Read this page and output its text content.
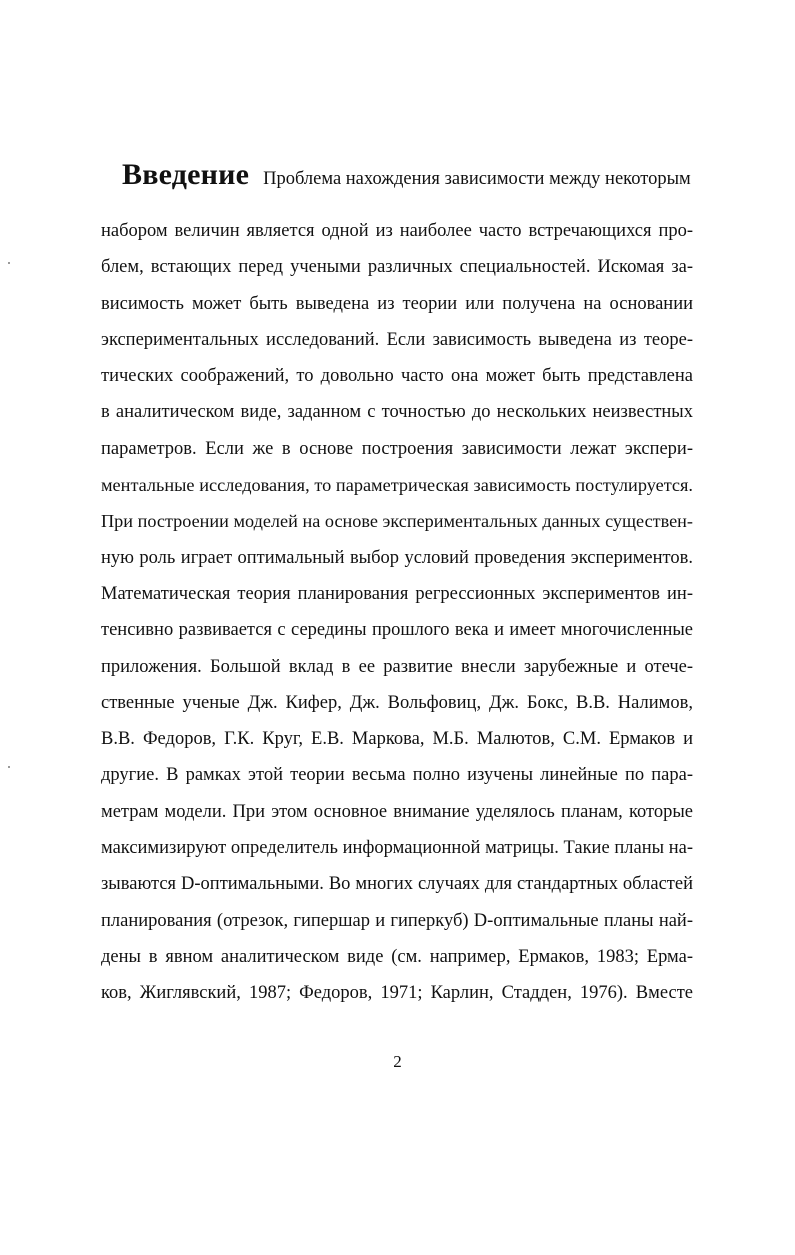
Введение Проблема нахождения зависимости между некоторым
набором величин является одной из наиболее часто встречающихся про-
блем, встающих перед учеными различных специальностей. Искомая за-
висимость может быть выведена из теории или получена на основании
экспериментальных исследований. Если зависимость выведена из теоре-
тических соображений, то довольно часто она может быть представлена
в аналитическом виде, заданном с точностью до нескольких неизвестных
параметров. Если же в основе построения зависимости лежат экспери-
ментальные исследования, то параметрическая зависимость постулируется.
При построении моделей на основе экспериментальных данных существен-
ную роль играет оптимальный выбор условий проведения экспериментов.
Математическая теория планирования регрессионных экспериментов ин-
тенсивно развивается с середины прошлого века и имеет многочисленные
приложения. Большой вклад в ее развитие внесли зарубежные и отече-
ственные ученые Дж. Кифер, Дж. Вольфовиц, Дж. Бокс, В.В. Налимов,
В.В. Федоров, Г.К. Круг, Е.В. Маркова, М.Б. Малютов, С.М. Ермаков и
другие. В рамках этой теории весьма полно изучены линейные по пара-
метрам модели. При этом основное внимание уделялось планам, которые
максимизируют определитель информационной матрицы. Такие планы на-
зываются D-оптимальными. Во многих случаях для стандартных областей
планирования (отрезок, гипершар и гиперкуб) D-оптимальные планы най-
дены в явном аналитическом виде (см. например, Ермаков, 1983; Ерма-
ков, Жиглявский, 1987; Федоров, 1971; Карлин, Стадден, 1976). Вместе
2
